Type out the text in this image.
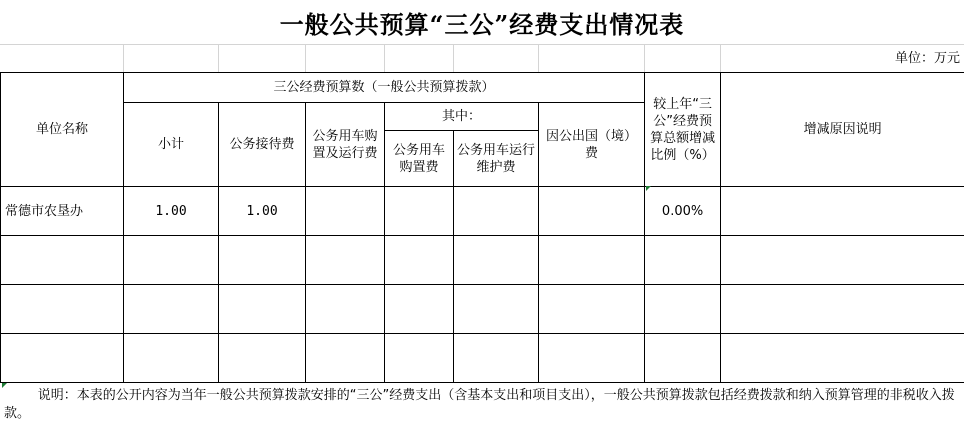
一般公共预算“三公”经费支出情况表
单位：万元
单位名称	三公经费预算数（一般公共预算拨款）						较上年“三公”经费预算总额增减比例（%）	增减原因说明
	小计	公务接待费	公务用车购置及运行费	其中：		因公出国（境）费		
				公务用车购置费	公务用车运行维护费			

常德市农垦办	1.00	1.00					0.00%	

说明：本表的公开内容为当年一般公共预算拨款安排的“三公”经费支出（含基本支出和项目支出），一般公共预算拨款包括经费拨款和纳入预算管理的非税收入拨款。
